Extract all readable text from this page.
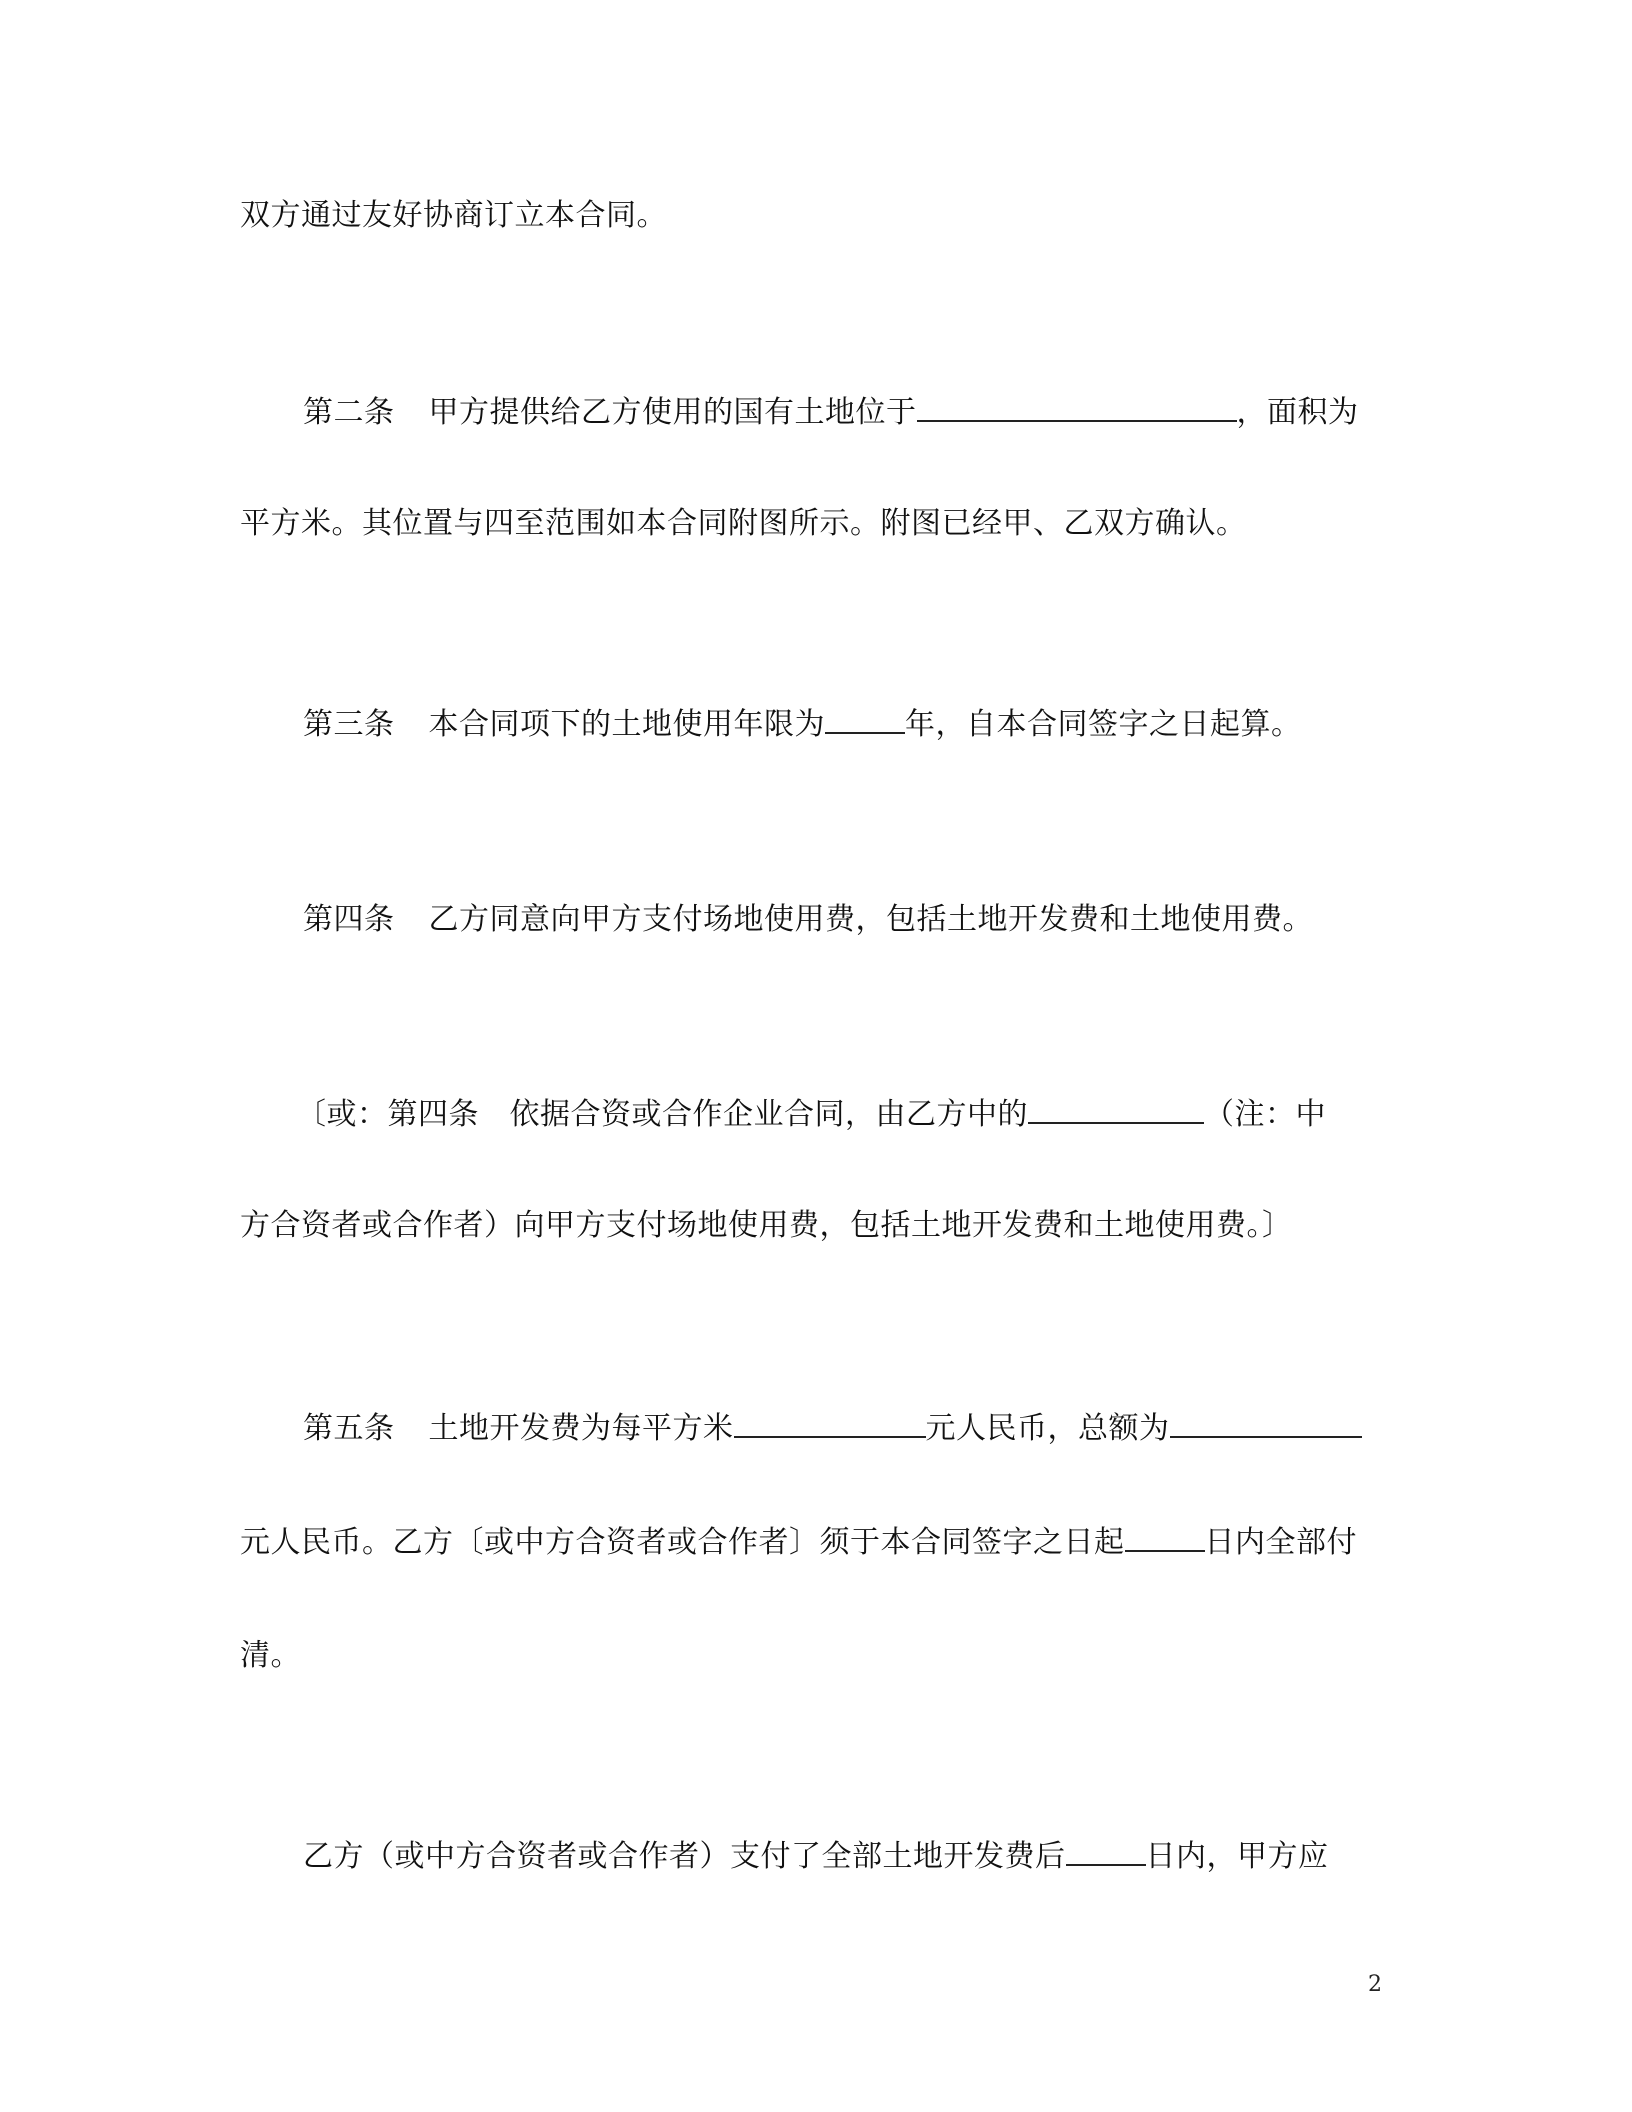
双方通过友好协商订立本合同。
第二条 甲方提供给乙方使用的国有土地位于	，面积为
平方米。其位置与四至范围如本合同附图所示。附图已经甲、乙双方确认。
第三条 本合同项下的土地使用年限为	年，自本合同签字之日起算。
第四条 乙方同意向甲方支付场地使用费，包括土地开发费和土地使用费。
〔或：第四条　依据合资或合作企业合同，由乙方中的	（注：中
方合资者或合作者）向甲方支付场地使用费，包括土地开发费和土地使用费。〕
第五条 土地开发费为每平方米	元人民币，总额为
元人民币。乙方〔或中方合资者或合作者〕须于本合同签字之日起	日内全部付
清。
乙方（或中方合资者或合作者）支付了全部土地开发费后	日内，甲方应
2
